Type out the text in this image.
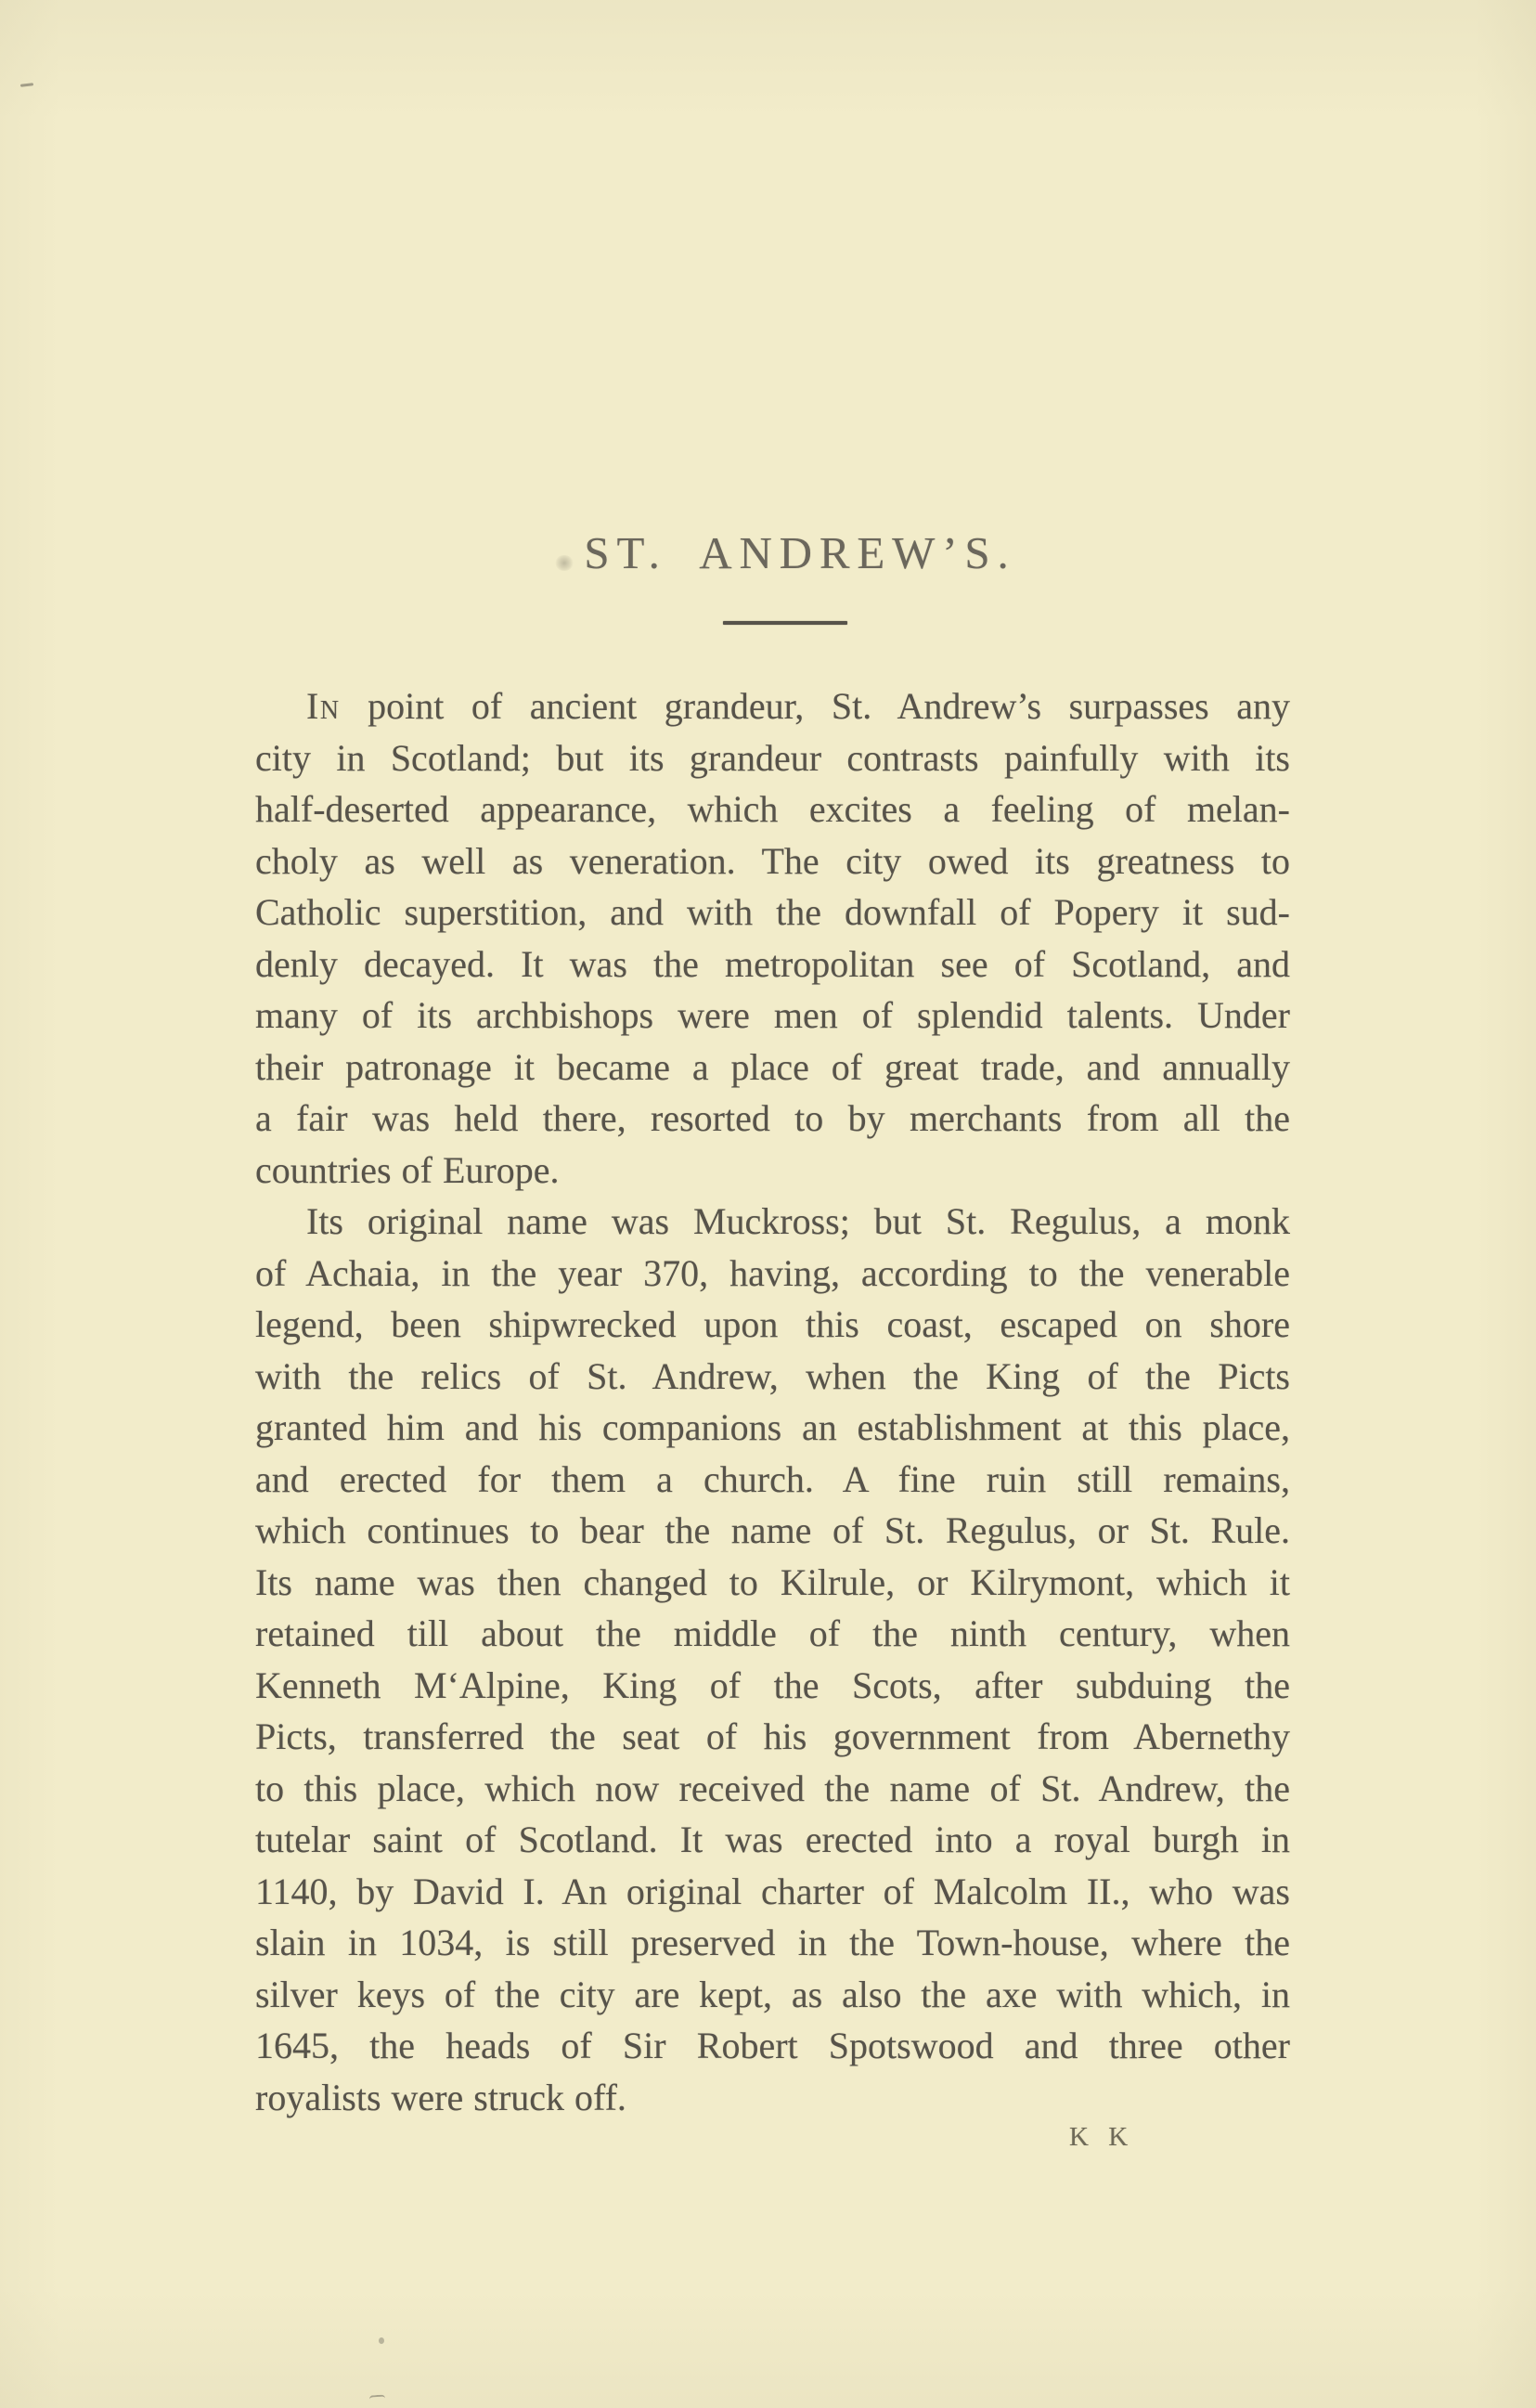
ST. ANDREW’S.
In point of ancient grandeur, St. Andrew’s surpasses any
city in Scotland; but its grandeur contrasts painfully with its
half-deserted appearance, which excites a feeling of melan-
choly as well as veneration. The city owed its greatness to
Catholic superstition, and with the downfall of Popery it sud-
denly decayed. It was the metropolitan see of Scotland, and
many of its archbishops were men of splendid talents. Under
their patronage it became a place of great trade, and annually
a fair was held there, resorted to by merchants from all the
countries of Europe.
Its original name was Muckross; but St. Regulus, a monk
of Achaia, in the year 370, having, according to the venerable
legend, been shipwrecked upon this coast, escaped on shore
with the relics of St. Andrew, when the King of the Picts
granted him and his companions an establishment at this place,
and erected for them a church. A fine ruin still remains,
which continues to bear the name of St. Regulus, or St. Rule.
Its name was then changed to Kilrule, or Kilrymont, which it
retained till about the middle of the ninth century, when
Kenneth M‘Alpine, King of the Scots, after subduing the
Picts, transferred the seat of his government from Abernethy
to this place, which now received the name of St. Andrew, the
tutelar saint of Scotland. It was erected into a royal burgh in
1140, by David I. An original charter of Malcolm II., who was
slain in 1034, is still preserved in the Town-house, where the
silver keys of the city are kept, as also the axe with which, in
1645, the heads of Sir Robert Spotswood and three other
royalists were struck off.
K K
